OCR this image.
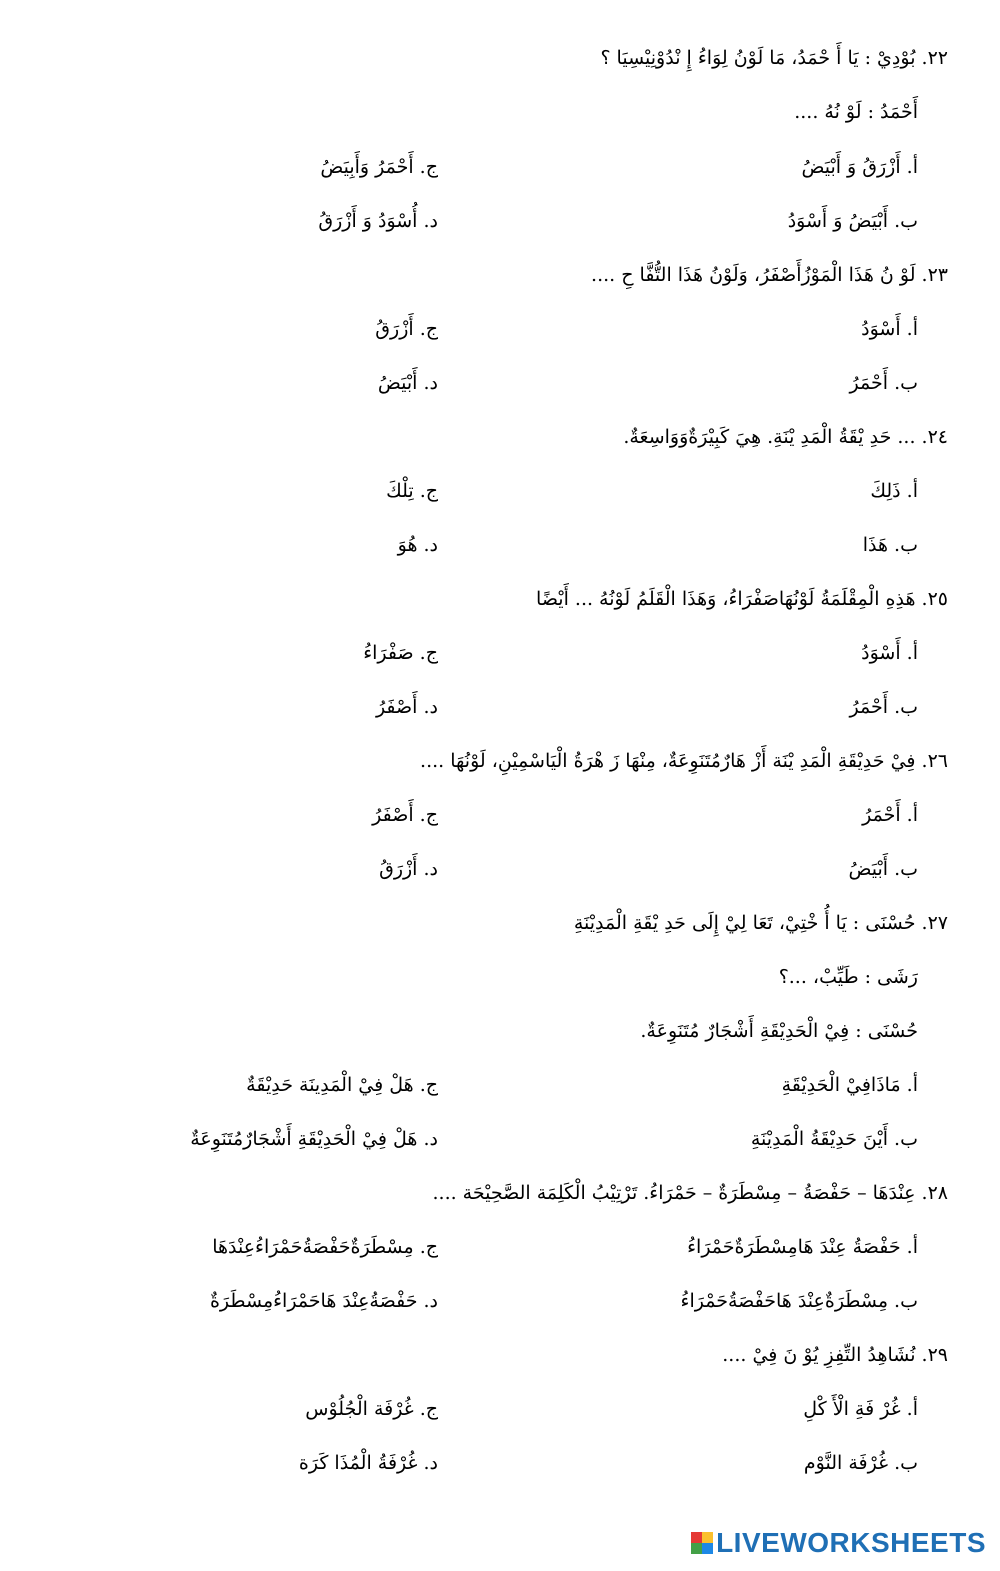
٢٢. بُوْدِيْ : يَا أَ حْمَدُ، مَا لَوْنُ لِوَاءُ إِ نْدُوْنِيْسِيَا ؟
أَحْمَدُ : لَوْ نُهُ ....
أ. أَزْرَقُ وَ أَبْيَضُ
ج. أَحْمَرُ وَأَبِيَضُ
ب. أَبْيَضُ وَ أَسْوَدُ
د. أُسْوَدُ وَ أَزْرَقُ
٢٣. لَوْ نُ هَذَا الْمَوْزُأَصْفَرُ، وَلَوْنُ هَذَا التُّفَّا حِ ....
أ. أَسْوَدُ
ج. أَزْرَقُ
ب. أَحْمَرُ
د. أَبْيَضُ
٢٤. ... حَدِ يْقَةُ الْمَدِ يْنَةِ. هِيَ كَبِيْرَةٌوَوَاسِعَةٌ.
أ. ذَلِكَ
ج. تِلْكَ
ب. هَذَا
د. هُوَ
٢٥. هَذِهِ الْمِقْلَمَةُ لَوْنُهَاصَفْرَاءُ، وَهَذَا الْقَلَمُ لَوْنُهُ ... أَيْضًا
أ. أَسْوَدُ
ج. صَفْرَاءُ
ب. أَحْمَرُ
د. أَصْفَرُ
٢٦. فِيْ حَدِيْقَةِ الْمَدِ يْنَة أَزْ هَارٌمُتَنَوِعَةٌ، مِنْهَا زَ هْرَةُ الْيَاسْمِيْنِ، لَوْنُهَا ....
أ. أَحْمَرُ
ج. أَصْفَرُ
ب. أَبْيَضُ
د. أَزْرَقُ
٢٧. حُسْنَى : يَا أُ خْتِيْ، تَعَا لِيْ إِلَى حَدِ يْقَةِ الْمَدِيْنَةِ
رَشَى : طَيِّبْ، ...؟
حُسْنَى : فِيْ الْحَدِيْقَةِ أَشْجَارٌ مُتَنَوِعَةٌ.
أ. مَاذَافِيْ الْحَدِيْقَةِ
ج. هَلْ فِيْ الْمَدِينَة حَدِيْقَةٌ
ب. أَيْنَ حَدِيْقَةُ الْمَدِيْنَةِ
د. هَلْ فِيْ الْحَدِيْقَةِ أَشْجَارٌمُتَنَوِعَةٌ
٢٨. عِنْدَهَا – حَفْصَةُ – مِسْطَرَةٌ – حَمْرَاءُ. تَرْتِيْبُ الْكَلِمَة الصَّحِيْحَة ....
أ. حَفْصَةُ عِنْدَ هَامِسْطَرَةٌحَمْرَاءُ
ج. مِسْطَرَةٌحَفْصَةُحَمْرَاءُعِنْدَهَا
ب. مِسْطَرَةٌعِنْدَ هَاحَفْصَةُحَمْرَاءُ
د. حَفْصَةُعِنْدَ هَاحَمْرَاءُمِسْطَرَةٌ
٢٩. نُشَاهِدُ التِّفِزِ يُوْ نَ فِيْ ....
أ. غُرْ فَةِ الْأَ كْلِ
ج. غُرْفَة الْجُلُوْس
ب. غُرْفَة النَّوْم
د. غُرْفَةُ الْمُذَا كَرَة
LIVEWORKSHEETS
